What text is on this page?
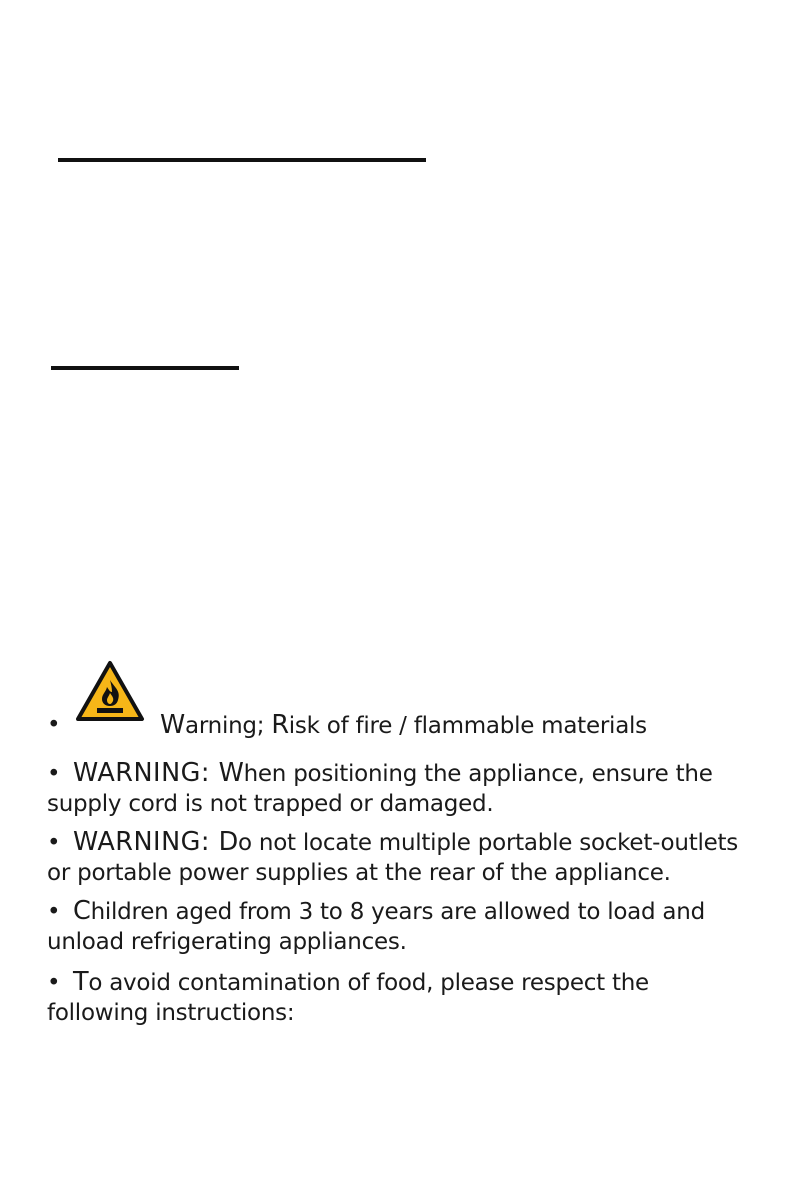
•	Warning; Risk of fire / flammable materials
• WARNING: When positioning the appliance, ensure the supply cord is not trapped or damaged.
• WARNING: Do not locate multiple portable socket-outlets or portable power supplies at the rear of the appliance.
• Children aged from 3 to 8 years are allowed to load and unload refrigerating appliances.
• To avoid contamination of food, please respect the following instructions:
